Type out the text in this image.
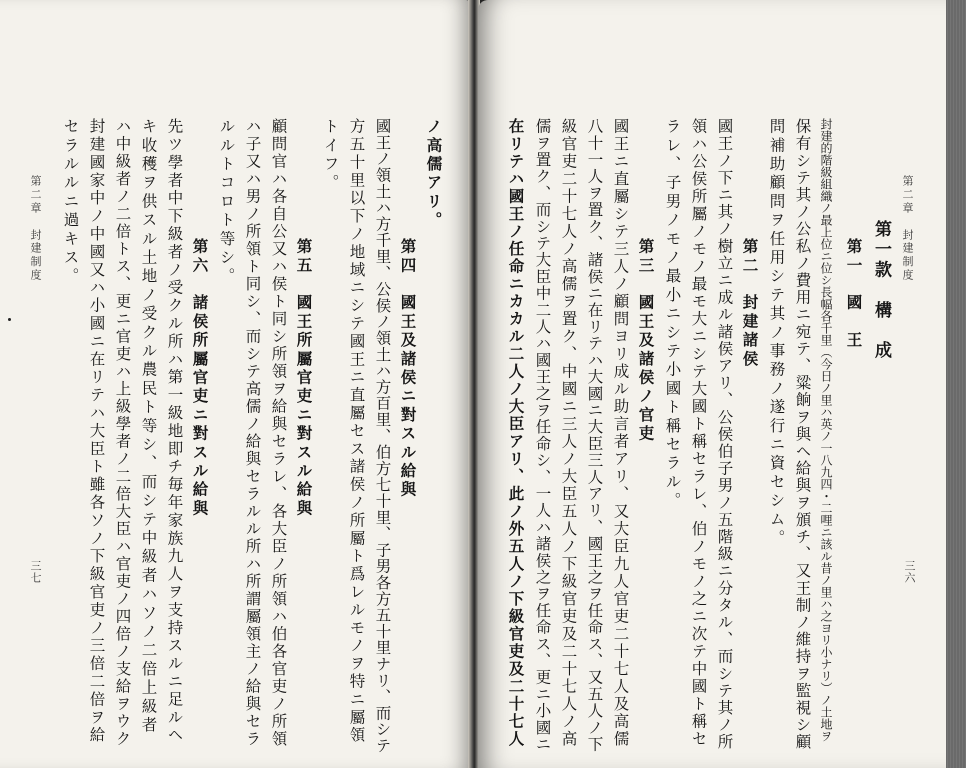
第二章　封建制度
三七
セラルルニ過キス。 封建國家中ノ中國又ハ小國ニ在リテハ大臣ト雖各ソノ下級官吏ノ三倍二倍ヲ給 ハ中級者ノ二倍トス、更ニ官吏ハ上級學者ノ二倍大臣ハ官吏ノ四倍ノ支給ヲウク キ收穫ヲ供スル土地ノ受クル農民ト等シ、而シテ中級者ハソノ二倍上級者 先ツ學者中下級者ノ受クル所ハ第一級地即チ毎年家族九人ヲ支持スルニ足ルヘ 第六　諸侯所屬官吏ニ對スル給與
ルルトコロト等シ。 ハ子又ハ男ノ所領ト同シ、而シテ高儒ノ給與セラルル所ハ所謂屬領主ノ給與セラ 顧問官ハ各自公又ハ侯ト同シ所領ヲ給與セラレ、各大臣ノ所領ハ伯各官吏ノ所領 第五　國王所屬官吏ニ對スル給與
トイフ。 方五十里以下ノ地域ニシテ國王ニ直屬セス諸侯ノ所屬ト爲レルモノヲ特ニ屬領 國王ノ領土ハ方千里、公侯ノ領土ハ方百里、伯方七十里、子男各方五十里ナリ、而シテ 第四　國王及諸侯ニ對スル給與
ノ高儒アリ。	在リテハ國王ノ任命ニカカル二人ノ大臣アリ、此ノ外五人ノ下級官吏及二十七人 儒ヲ置ク、而シテ大臣中二人ハ國王之ヲ任命シ、一人ハ諸侯之ヲ任命ス、更ニ小國ニ 級官吏二十七人ノ高儒ヲ置ク、中國ニ三人ノ大臣五人ノ下級官吏及二十七人ノ高 八十一人ヲ置ク、諸侯ニ在リテハ大國ニ大臣三人アリ、國王之ヲ任命ス、又五人ノ下 國王ニ直屬シテ三人ノ顧問ヨリ成ル助言者アリ、又大臣九人官吏二十七人及高儒 第三　國王及諸侯ノ官吏 ラレ、子男ノモノ最小ニシテ小國ト稱セラル。 領ハ公侯所屬ノモノ最モ大ニシテ大國ト稱セラレ、伯ノモノ之ニ次テ中國ト稱セ 國王ノ下ニ其ノ樹立ニ成ル諸侯アリ、公侯伯子男ノ五階級ニ分タル、而シテ其ノ所 第二　封建諸侯 問補助顧問ヲ任用シテ其ノ事務ノ遂行ニ資セシム。 保有シテ其ノ公私ノ費用ニ宛テ、粱餉ヲ與ヘ給與ヲ頒チ、又王制ノ維持ヲ監視シ顧 封建的階級組織ノ最上位ニ位シ長幅各千里（今日ノ里ハ英ノ一八九四・二哩ニ該ル昔ノ里ハ之ヨリ小ナリ）ノ土地ヲ 第一　國　王 第一款　構　成 第二章　封建制度
三六
